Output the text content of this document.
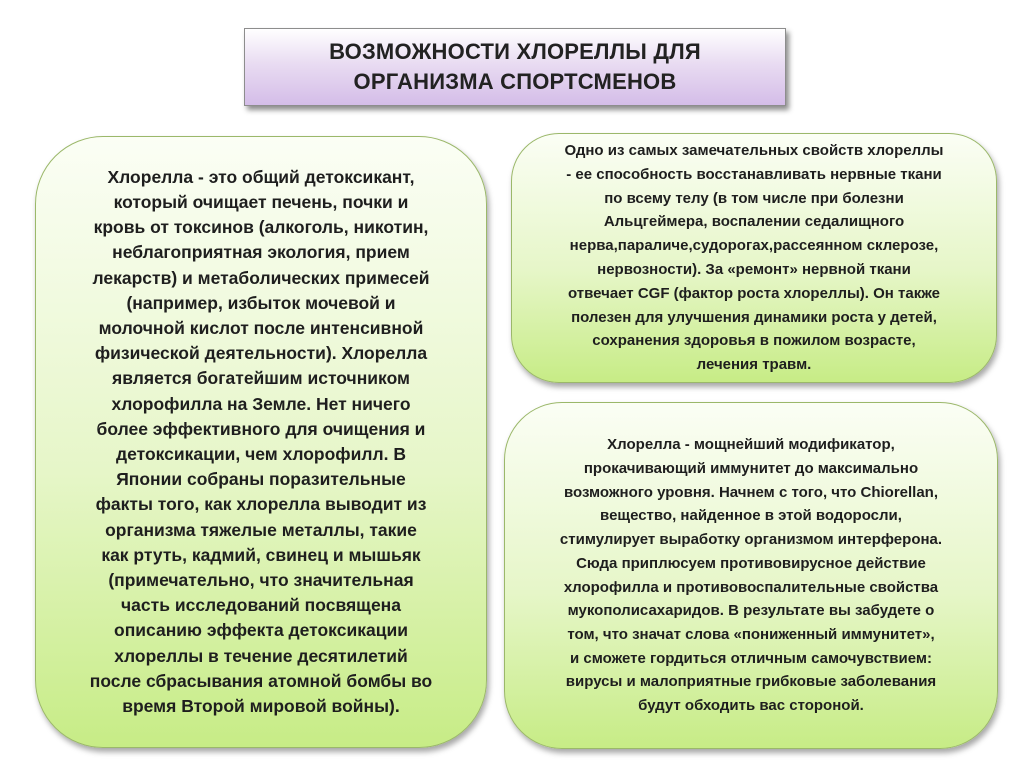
ВОЗМОЖНОСТИ ХЛОРЕЛЛЫ ДЛЯ
ОРГАНИЗМА СПОРТСМЕНОВ
Хлорелла - это общий детоксикант,
который очищает печень, почки и
кровь от токсинов (алкоголь, никотин,
неблагоприятная экология, прием
лекарств) и метаболических примесей
(например, избыток мочевой и
молочной кислот после интенсивной
физической деятельности). Хлорелла
является богатейшим источником
хлорофилла на Земле. Нет ничего
более эффективного для очищения и
детоксикации, чем хлорофилл. В
Японии собраны поразительные
факты того, как хлорелла выводит из
организма тяжелые металлы, такие
как ртуть, кадмий, свинец и мышьяк
(примечательно, что значительная
часть исследований посвящена
описанию эффекта детоксикации
хлореллы в течение десятилетий
после сбрасывания атомной бомбы во
время Второй мировой войны).
Одно из самых замечательных свойств хлореллы
- ее способность восстанавливать нервные ткани
по всему телу (в том числе при болезни
Альцгеймера, воспалении седалищного
нерва,параличе,судорогах,рассеянном склерозе,
нервозности). За «ремонт» нервной ткани
отвечает CGF (фактор роста хлореллы). Он также
полезен для улучшения динамики роста у детей,
сохранения здоровья в пожилом возрасте,
лечения травм.
Хлорелла - мощнейший модификатор,
прокачивающий иммунитет до максимально
возможного уровня. Начнем с того, что Chiorellan,
вещество, найденное в этой водоросли,
стимулирует выработку организмом интерферона.
Сюда приплюсуем противовирусное действие
хлорофилла и противовоспалительные свойства
мукополисахаридов. В результате вы забудете о
том, что значат слова «пониженный иммунитет»,
и сможете гордиться отличным самочувствием:
вирусы и малоприятные грибковые заболевания
будут обходить вас стороной.
